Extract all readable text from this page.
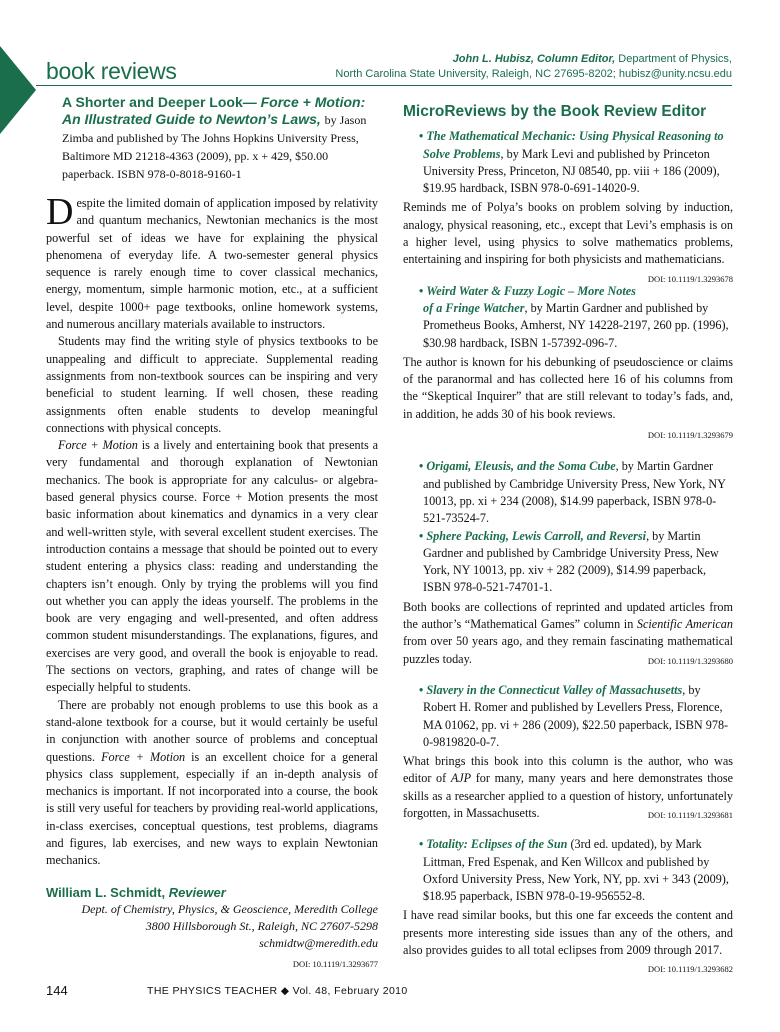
book reviews	John L. Hubisz, Column Editor, Department of Physics,
North Carolina State University, Raleigh, NC 27695-8202; hubisz@unity.ncsu.edu
A Shorter and Deeper Look— Force + Motion: An Illustrated Guide to Newton’s Laws, by Jason Zimba and published by The Johns Hopkins University Press, Baltimore MD 21218-4363 (2009), pp. x + 429, $50.00 paperback. ISBN 978-0-8018-9160-1

Despite the limited domain of application imposed by relativity and quantum mechanics, Newtonian mechanics is the most powerful set of ideas we have for explaining the physical phenomena of everyday life. A two-semester general physics sequence is rarely enough time to cover classical mechanics, energy, momentum, simple harmonic motion, etc., at a sufficient level, despite 1000+ page textbooks, online homework systems, and numerous ancillary materials available to instructors.

Students may find the writing style of physics textbooks to be unappealing and difficult to appreciate. Supplemental reading assignments from non-textbook sources can be inspiring and very beneficial to student learning. If well chosen, these reading assignments often enable students to develop meaningful connections with physical concepts.

Force + Motion is a lively and entertaining book that presents a very fundamental and thorough explanation of Newtonian mechanics. The book is appropriate for any calculus- or algebra-based general physics course. Force + Motion presents the most basic information about kinematics and dynamics in a very clear and well-written style, with several excellent student exercises. The introduction contains a message that should be pointed out to every student entering a physics class: reading and understanding the chapters isn’t enough. Only by trying the problems will you find out whether you can apply the ideas yourself. The problems in the book are very engaging and well-presented, and often address common student misunderstandings. The explanations, figures, and exercises are very good, and overall the book is enjoyable to read. The sections on vectors, graphing, and rates of change will be especially helpful to students.

There are probably not enough problems to use this book as a stand-alone textbook for a course, but it would certainly be useful in conjunction with another source of problems and conceptual questions. Force + Motion is an excellent choice for a general physics class supplement, especially if an in-depth analysis of mechanics is important. If not incorporated into a course, the book is still very useful for teachers by providing real-world applications, in-class exercises, conceptual questions, test problems, diagrams and figures, lab exercises, and new ways to explain Newtonian mechanics.

William L. Schmidt, Reviewer
Dept. of Chemistry, Physics, & Geoscience, Meredith College
3800 Hillsborough St., Raleigh, NC 27607-5298
schmidtw@meredith.edu
DOI: 10.1119/1.3293677
MicroReviews by the Book Review Editor
• The Mathematical Mechanic: Using Physical Reasoning to Solve Problems, by Mark Levi and published by Princeton University Press, Princeton, NJ 08540, pp. viii + 186 (2009), $19.95 hardback, ISBN 978-0-691-14020-9.
Reminds me of Polya’s books on problem solving by induction, analogy, physical reasoning, etc., except that Levi’s emphasis is on a higher level, using physics to solve mathematics problems, entertaining and inspiring for both physicists and mathematicians.
DOI: 10.1119/1.3293678
• Weird Water & Fuzzy Logic – More Notes of a Fringe Watcher, by Martin Gardner and published by Prometheus Books, Amherst, NY 14228-2197, 260 pp. (1996), $30.98 hardback, ISBN 1-57392-096-7.
The author is known for his debunking of pseudoscience or claims of the paranormal and has collected here 16 of his columns from the “Skeptical Inquirer” that are still relevant to today’s fads, and, in addition, he adds 30 of his book reviews.
DOI: 10.1119/1.3293679
• Origami, Eleusis, and the Soma Cube, by Martin Gardner and published by Cambridge University Press, New York, NY 10013, pp. xi + 234 (2008), $14.99 paperback, ISBN 978-0-521-73524-7.
• Sphere Packing, Lewis Carroll, and Reversi, by Martin Gardner and published by Cambridge University Press, New York, NY 10013, pp. xiv + 282 (2009), $14.99 paperback, ISBN 978-0-521-74701-1.
Both books are collections of reprinted and updated articles from the author’s “Mathematical Games” column in Scientific American from over 50 years ago, and they remain fascinating mathematical puzzles today.	DOI: 10.1119/1.3293680
• Slavery in the Connecticut Valley of Massachusetts, by Robert H. Romer and published by Levellers Press, Florence, MA 01062, pp. vi + 286 (2009), $22.50 paperback, ISBN 978-0-9819820-0-7.
What brings this book into this column is the author, who was editor of AJP for many, many years and here demonstrates those skills as a researcher applied to a question of history, unfortunately forgotten, in Massachusetts.	DOI: 10.1119/1.3293681
• Totality: Eclipses of the Sun (3rd ed. updated), by Mark Littman, Fred Espenak, and Ken Willcox and published by Oxford University Press, New York, NY, pp. xvi + 343 (2009), $18.95 paperback, ISBN 978-0-19-956552-8.
I have read similar books, but this one far exceeds the content and presents more interesting side issues than any of the others, and also provides guides to all total eclipses from 2009 through 2017.
DOI: 10.1119/1.3293682
144	THE PHYSICS TEACHER ◆ Vol. 48, February 2010
